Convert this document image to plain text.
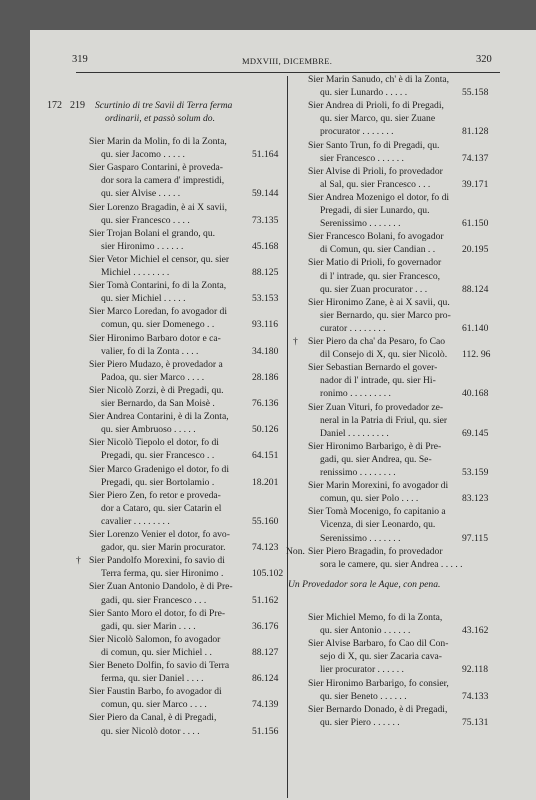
319	MDXVIII, DICEMBRE.	320
172 219 Scurtinio di tre Savii di Terra ferma
ordinarii, et passò solum do.
Sier Marin da Molin, fo di la Zonta,
qu. sier Jacomo . . . . .	51.164
Sier Gasparo Contarini, è proveda-
dor sora la camera d' imprestidi,
qu. sier Alvise . . . . .	59.144
Sier Lorenzo Bragadin, è ai X savii,
qu. sier Francesco . . . .	73.135
Sier Trojan Bolani el grando, qu.
sier Hironimo . . . . . .	45.168
Sier Vetor Michiel el censor, qu. sier
Michiel . . . . . . . .	88.125
Sier Tomà Contarini, fo di la Zonta,
qu. sier Michiel . . . . .	53.153
Sier Marco Loredan, fo avogador di
comun, qu. sier Domenego . .	93.116
Sier Hironimo Barbaro dotor e ca-
valier, fo di la Zonta . . . .	34.180
Sier Piero Mudazo, è provedador a
Padoa, qu. sier Marco . . . .	28.186
Sier Nicolò Zorzi, è di Pregadi, qu.
sier Bernardo, da San Moisè .	76.136
Sier Andrea Contarini, è di la Zonta,
qu. sier Ambruoso . . . . .	50.126
Sier Nicolò Tiepolo el dotor, fo di
Pregadi, qu. sier Francesco . .	64.151
Sier Marco Gradenigo el dotor, fo di
Pregadi, qu. sier Bortolamio .	18.201
Sier Piero Zen, fo retor e proveda-
dor a Cataro, qu. sier Catarin el
cavalier . . . . . . . .	55.160
Sier Lorenzo Venier el dotor, fo avo-
gador, qu. sier Marin procurator.	74.123
Sier Pandolfo Morexini, fo savio di
†
Terra ferma, qu. sier Hironimo .	105.102
Sier Zuan Antonio Dandolo, è di Pre-
gadi, qu. sier Francesco . . .	51.162
Sier Santo Moro el dotor, fo di Pre-
gadi, qu. sier Marin . . . .	36.176
Sier Nicolò Salomon, fo avogador
di comun, qu. sier Michiel . .	88.127
Sier Beneto Dolfin, fo savio di Terra
ferma, qu. sier Daniel . . . .	86.124
Sier Faustin Barbo, fo avogador di
comun, qu. sier Marco . . . .	74.139
Sier Piero da Canal, è di Pregadi,
qu. sier Nicolò dotor . . . .	51.156
Un Provedador sora le Aque, con pena.
Sier Marin Sanudo, ch' è di la Zonta,
qu. sier Lunardo . . . . .	55.158
Sier Andrea di Prioli, fo di Pregadi,
qu. sier Marco, qu. sier Zuane
procurator . . . . . . .	81.128
Sier Santo Trun, fo di Pregadi, qu.
sier Francesco . . . . . .	74.137
Sier Alvise di Prioli, fo provedador
al Sal, qu. sier Francesco . . .	39.171
Sier Andrea Mozenigo el dotor, fo di
Pregadi, di sier Lunardo, qu.
Serenissimo . . . . . . .	61.150
Sier Francesco Bolani, fo avogador
di Comun, qu. sier Candian . .	20.195
Sier Matio di Prioli, fo governador
di l' intrade, qu. sier Francesco,
qu. sier Zuan procurator . . .	88.124
Sier Hironimo Zane, è ai X savii, qu.
sier Bernardo, qu. sier Marco pro-
curator . . . . . . . .	61.140
Sier Piero da cha' da Pesaro, fo Cao
†
dil Consejo di X, qu. sier Nicolò. 112. 96
Sier Sebastian Bernardo el gover-
nador di l' intrade, qu. sier Hi-
ronimo . . . . . . . . .	40.168
Sier Zuan Vituri, fo provedador ze-
neral in la Patria di Friul, qu. sier
Daniel . . . . . . . . .	69.145
Sier Hironimo Barbarigo, è di Pre-
gadi, qu. sier Andrea, qu. Se-
renissimo . . . . . . . .	53.159
Sier Marin Morexini, fo avogador di
comun, qu. sier Polo . . . .	83.123
Sier Tomà Mocenigo, fo capitanio a
Vicenza, di sier Leonardo, qu.
Serenissimo . . . . . . .	97.115
Sier Piero Bragadin, fo provedador
Non.
sora le camere, qu. sier Andrea . . . . .
Sier Michiel Memo, fo di la Zonta,
qu. sier Antonio . . . . . .	43.162
Sier Alvise Barbaro, fo Cao dil Con-
sejo di X, qu. sier Zacaria cava-
lier procurator . . . . . .	92.118
Sier Hironimo Barbarigo, fo consier,
qu. sier Beneto . . . . . .	74.133
Sier Bernardo Donado, è di Pregadi,
qu. sier Piero . . . . . .	75.131
